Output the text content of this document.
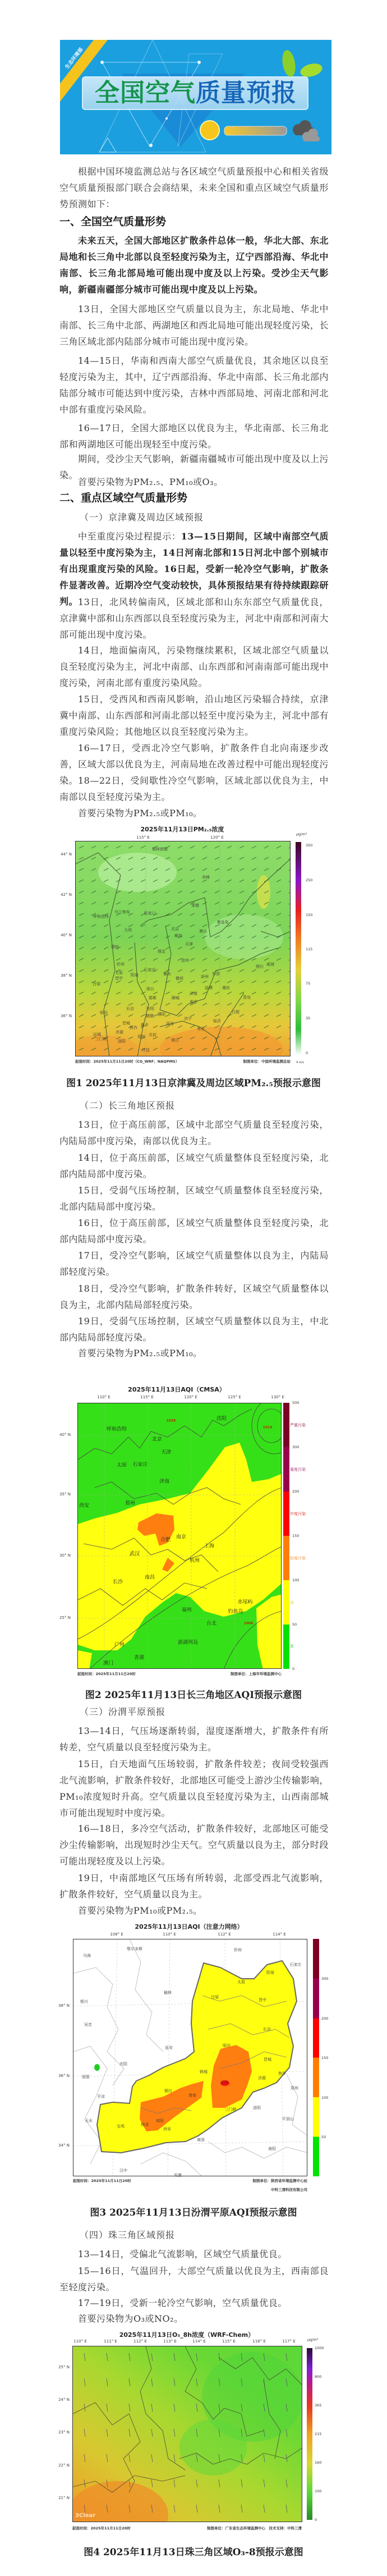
生态环境部
全国空气质量预报
根据中国环境监测总站与各区域空气质量预报中心和相关省级空气质量预报部门联合会商结果，未来全国和重点区域空气质量形势预测如下：
一、全国空气质量形势
未来五天，全国大部地区扩散条件总体一般，华北大部、东北局地和长三角中北部以良至轻度污染为主，辽宁西部沿海、华北中南部、长三角北部局地可能出现中度及以上污染。受沙尘天气影响，新疆南疆部分城市可能出现中度及以上污染。
13日，全国大部地区空气质量以良为主，东北局地、华北中南部、长三角中北部、两湖地区和西北局地可能出现轻度污染，长三角区域北部内陆部分城市可能出现中度污染。
14—15日，华南和西南大部空气质量优良，其余地区以良至轻度污染为主，其中，辽宁西部沿海、华北中南部、长三角北部内陆部分城市可能达到中度污染，吉林中西部局地、河南北部和河北中部有重度污染风险。
16—17日，全国大部地区以优良为主，华北南部、长三角北部和两湖地区可能出现轻至中度污染。
期间，受沙尘天气影响，新疆南疆城市可能出现中度及以上污染。
首要污染物为PM₂.₅、PM₁₀或O₃。
二、重点区域空气质量形势
（一）京津冀及周边区域预报
中至重度污染过程提示：13—15日期间，区域中南部空气质量以轻至中度污染为主，14日河南北部和15日河北中部个别城市有出现重度污染的风险。16日起，受新一轮冷空气影响，扩散条件显著改善。近期冷空气变动较快，具体预报结果有待持续跟踪研判。 13日，北风转偏南风，区域北部和山东东部空气质量优良，京津冀中部和山东西部以良至轻度污染为主，河北中南部和河南大部可能出现中度污染。
14日，地面偏南风，污染物继续累积，区域北部空气质量以良至轻度污染为主，河北中南部、山东西部和河南南部可能出现中度污染，河南北部有重度污染风险。
15日，受西风和西南风影响，沿山地区污染辐合持续，京津冀中南部、山东西部和河南北部以轻至中度污染为主，河北中部有重度污染风险；其他地区以良至轻度污染为主。
16—17日，受西北冷空气影响，扩散条件自北向南逐步改善，区域大部以优良为主，河南局地在改善过程中可能出现轻度污染。 18—22日，受间歇性冷空气影响，区域北部以优良为主，中南部以良至轻度污染为主。
首要污染物为PM₂.₅或PM₁₀。
2025年11月13日PM₂.₅浓度
115° E	120° E
44° N
42° N
40° N
38° N
36° N
350
250
150
115
75
35
0
μg/m³
4 m/s
锡林郭勒
赤峰
承德
张家口
乌兰察布
呼和浩特
秦皇岛
大同	北京	唐山
廊坊
天津
朔州
保定
沧州
忻州
石家庄
太原
晋中
阳泉	衡水
德州	滨州
东营
烟台 威海
吕梁
邢台	淄博 潍坊
济南
邯郸	聊城	青岛
泰安
长治	安阳
濮阳	日照
临汾
鹤壁
济宁	临沂
晋城
焦作
新乡	菏泽
枣庄
济源
运城
三门峡	郑州 开封
洛阳	商丘
许昌
起报时间：2025年11月11日20时（CG_WRF；NAQPMS）	制图单位：中国环境监测总站
图1 2025年11月13日京津冀及周边区域PM₂.₅预报示意图
（二）长三角地区预报
13日，位于高压前部，区域中北部空气质量良至轻度污染，内陆局部中度污染，南部以优良为主。
14日，位于高压前部，区域空气质量整体良至轻度污染，北部内陆局部中度污染。
15日，受弱气压场控制，区域空气质量整体良至轻度污染，北部内陆局部中度污染。
16日，位于高压前部，区域空气质量整体良至轻度污染，北部内陆局部中度污染。
17日，受冷空气影响，区域空气质量整体以良为主，内陆局部轻度污染。
18日，受冷空气影响，扩散条件转好，区域空气质量整体以良为主，北部内陆局部轻度污染。
19日，受弱气压场控制，区域空气质量整体以良为主，中北部内陆局部轻度污染。
首要污染物为PM₂.₅或PM₁₀。
2025年11月13日AQI（CMSA）
110° E	115° E	120° E	125° E	130° E
40° N
35° N
30° N
25° N
500
300
200
150
100
50
0
严重污染
重度污染
中度污染
轻度污染
良
优
呼和浩特
沈阳
北京
天津
太原 石家庄
济南
郑州
西安
合肥 南京
上海
武汉
杭州
南昌
长沙
赤尾屿
钓鱼岛
福州
台北
澎湖列岛
广州
香港
澳门
1028
1014
1006
起报时间：2025年11月11日20时	制图单位：上海市环境监测中心
图2 2025年11月13日长三角地区AQI预报示意图
（三）汾渭平原预报
13—14日，气压场逐渐转弱，湿度逐渐增大，扩散条件有所转差，空气质量以良至轻度污染为主。
15日，白天地面气压场较弱，扩散条件较差；夜间受较强西北气流影响，扩散条件较好，北部地区可能受上游沙尘传输影响，PM₁₀浓度短时升高。空气质量以良至轻度污染为主，山西南部城市可能出现短时中度污染。
16—18日，多冷空气活动，扩散条件较好，北部地区可能受沙尘传输影响，出现短时沙尘天气。空气质量以良为主，部分时段可能出现轻度及以上污染。
19日，中南部地区气压场有所转弱，北部受西北气流影响，扩散条件较好，空气质量以良为主。
首要污染物为PM₁₀或PM₂.₅。
2025年11月13日AQI（注意力网络）
108° E	110° E	112° E	114° E
38° N
36° N
34° N
300
200
150
100
50
乌海
鄂尔多斯	忻州
石家庄
阳泉
太原
榆林
吕梁
晋中
银川
吴忠
长治
延安	临汾
晋城
庆阳
韩城	焦作
固原
运城
济源
郑州
平凉
铜川
渭南
三门峡	洛阳
平顶山
天水
宝鸡	杨凌
咸阳
西安
商洛
南阳
汉中
安康
起报时间：2025年11月11日20时	制图单位：陕西省环境监测中心站
中科三清科技有限公司
图3 2025年11月13日汾渭平原AQI预报示意图
（四）珠三角区域预报
13—14日，受偏北气流影响，区域空气质量优良。
15—16日，气温回升，大部空气质量以优良为主，西南部良至轻度污染。
17—19日，受新一轮冷空气影响，空气质量优良。
首要污染物为O₃或NO₂。
2025年11月13日O₃_8h浓度（WRF-Chem）
110° E	111° E	112° E	113° E	114° E	115° E	116° E	117° E
25° N
24° N
23° N
22° N
21° N
1000
800
365
215
160
100
0
μg/m³
3Clear
起报时间：2025年11月11日20时	制图单位：广东省生态环境监测中心　技术支持：中科三清
图4 2025年11月13日珠三角区域O₃-8预报示意图
